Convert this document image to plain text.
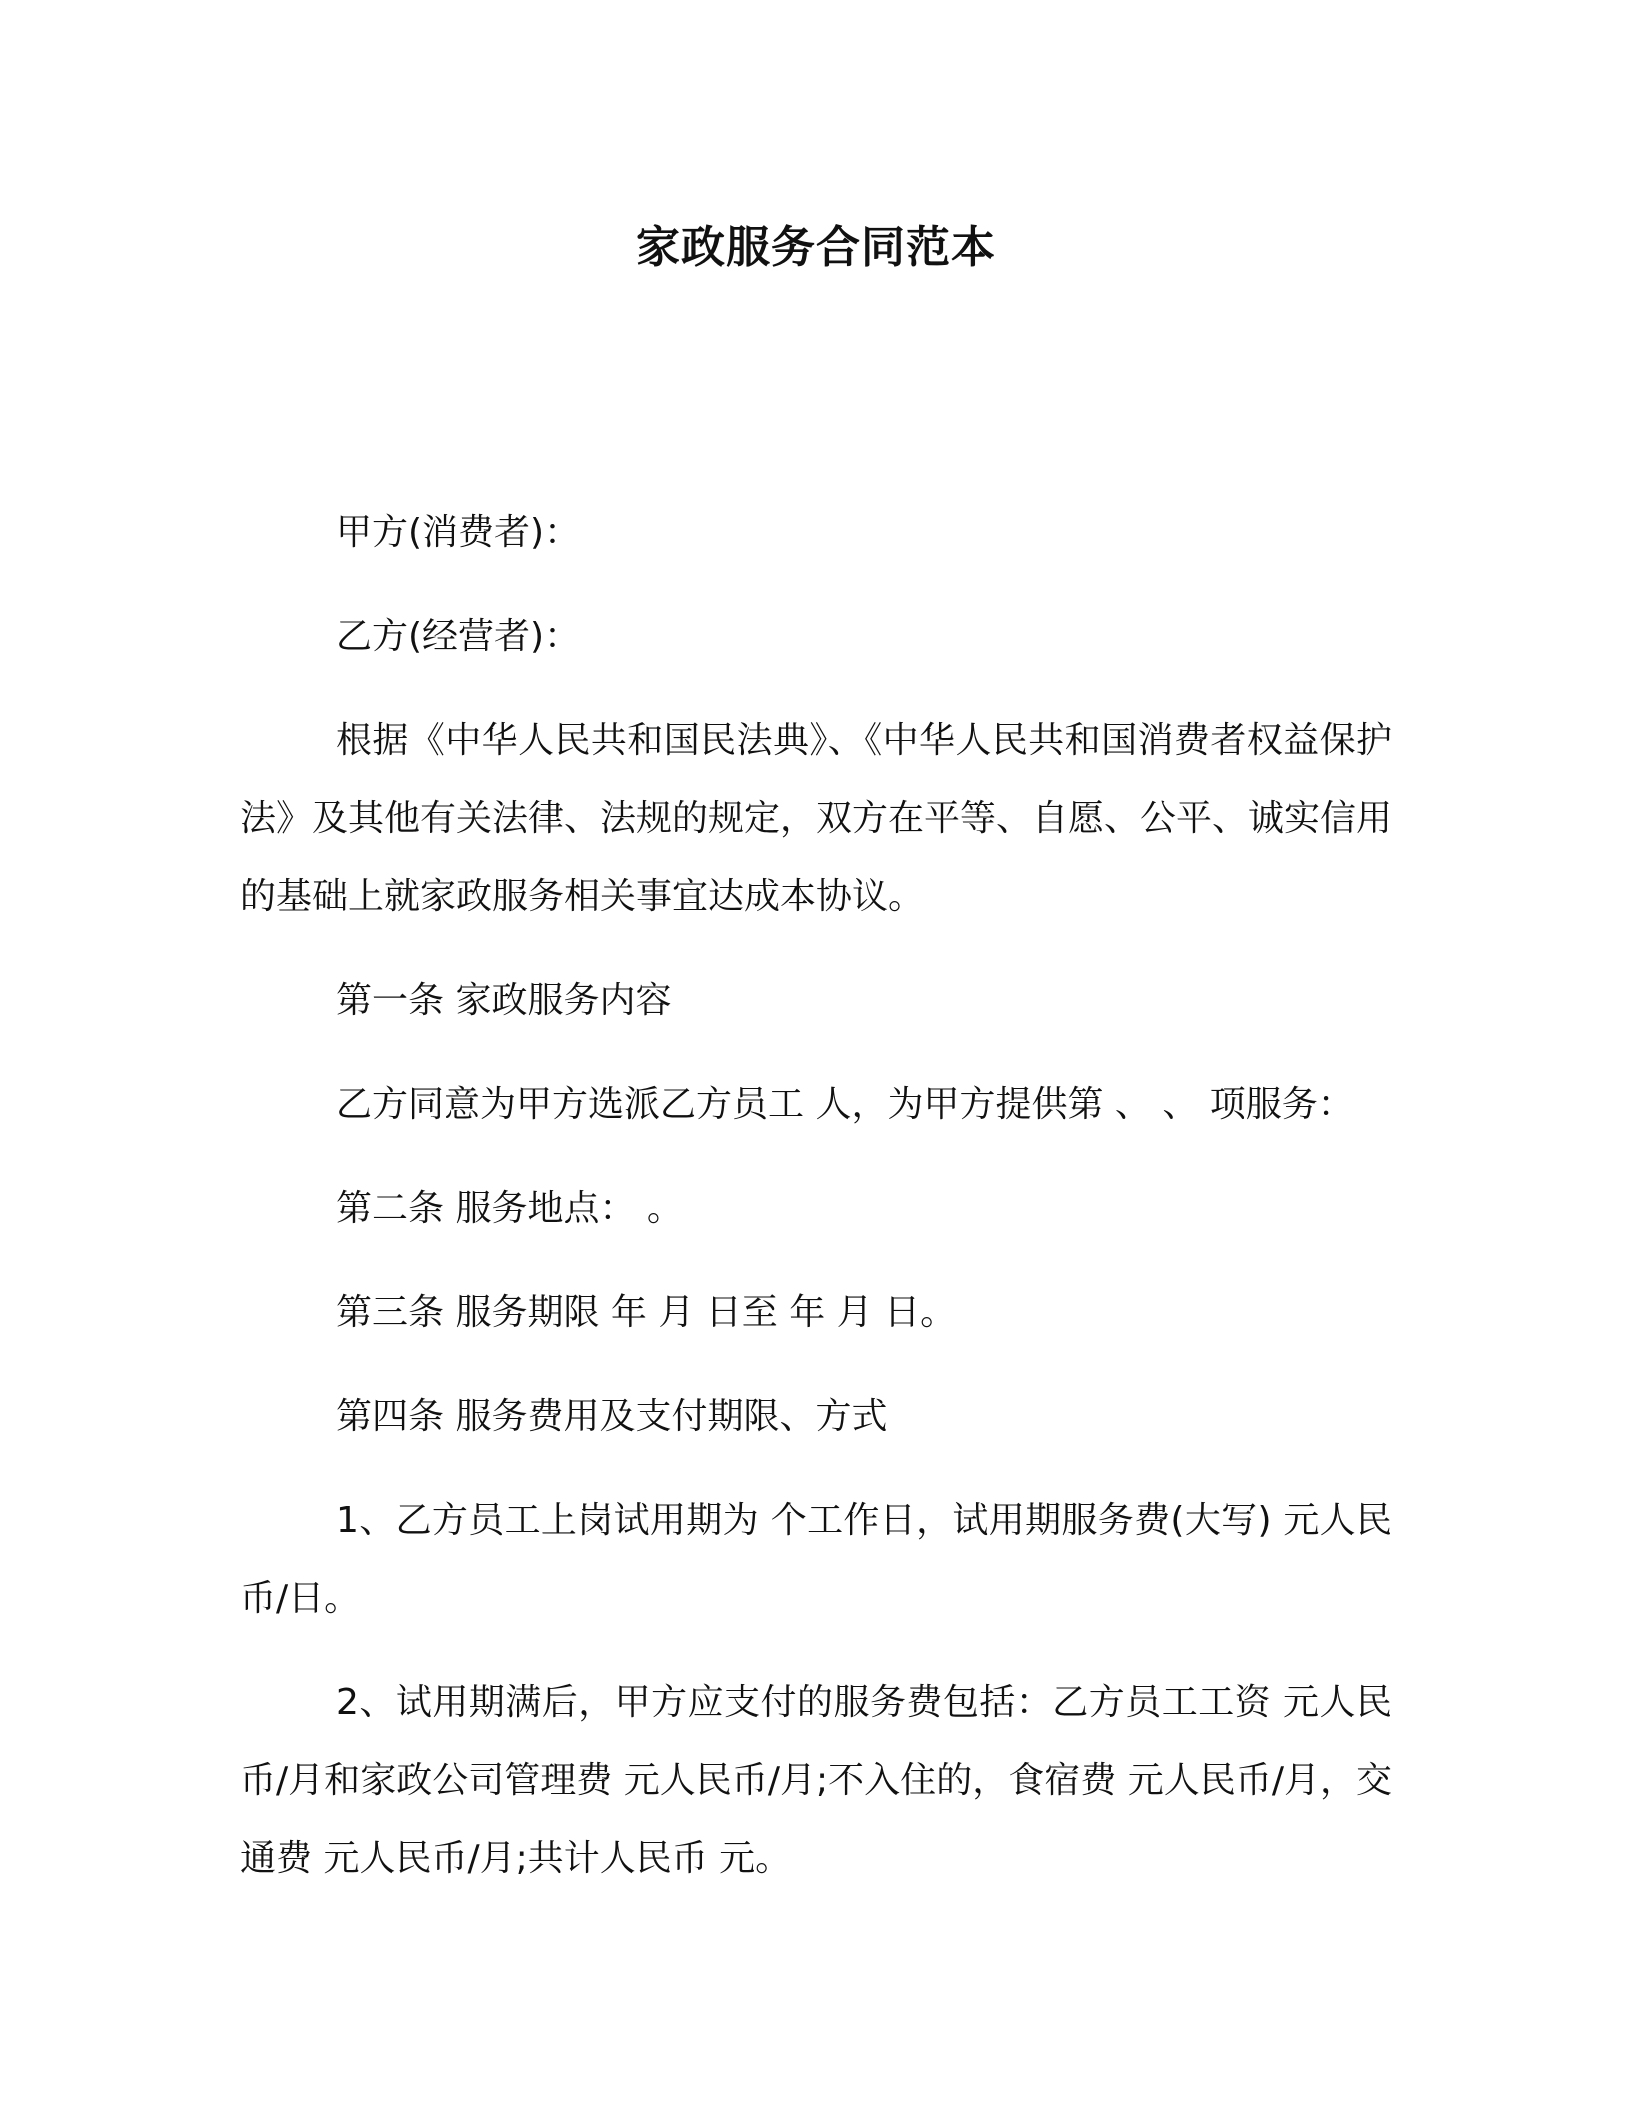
家政服务合同范本

甲方(消费者)：

乙方(经营者)：

根据《中华人民共和国民法典》、《中华人民共和国消费者权益保护法》及其他有关法律、法规的规定，双方在平等、自愿、公平、诚实信用的基础上就家政服务相关事宜达成本协议。

第一条 家政服务内容

乙方同意为甲方选派乙方员工 人，为甲方提供第 、 、 项服务：

第二条 服务地点： 。

第三条 服务期限 年 月 日至 年 月 日。

第四条 服务费用及支付期限、方式

1、乙方员工上岗试用期为 个工作日，试用期服务费(大写) 元人民币/日。

2、试用期满后，甲方应支付的服务费包括：乙方员工工资 元人民币/月和家政公司管理费 元人民币/月;不入住的，食宿费 元人民币/月，交通费 元人民币/月;共计人民币 元。
